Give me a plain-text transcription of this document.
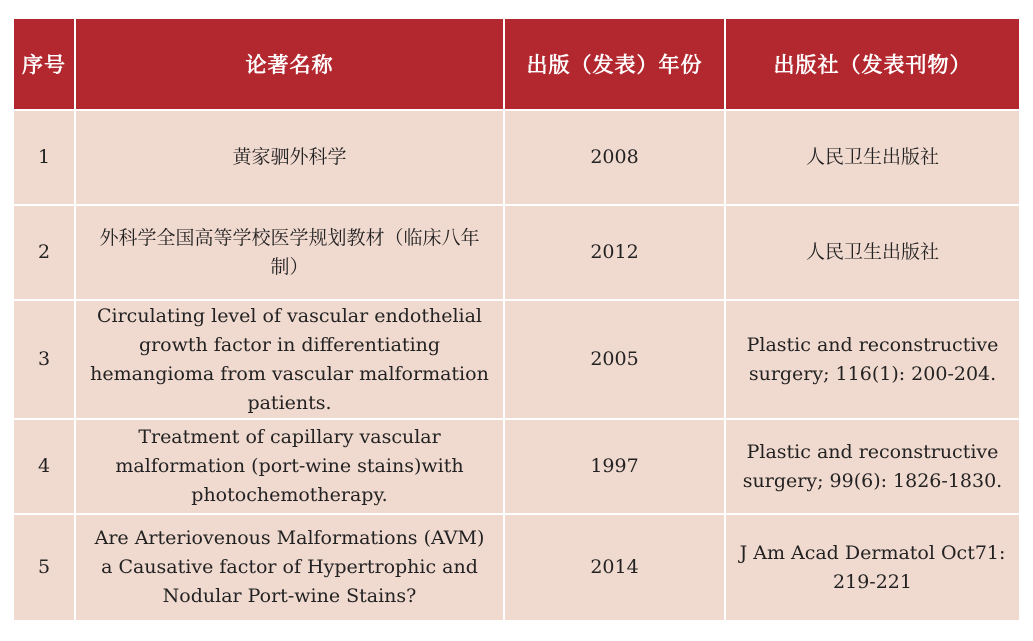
序号	论著名称	出版（发表）年份	出版社（发表刊物）
1	黄家驷外科学	2008	人民卫生出版社
2	外科学全国高等学校医学规划教材（临床八年制）	2012	人民卫生出版社
3	Circulating level of vascular endothelial growth factor in differentiating hemangioma from vascular malformation patients.	2005	Plastic and reconstructive surgery; 116(1): 200-204.
4	Treatment of capillary vascular malformation (port-wine stains)with photochemotherapy.	1997	Plastic and reconstructive surgery; 99(6): 1826-1830.
5	Are Arteriovenous Malformations (AVM) a Causative factor of Hypertrophic and Nodular Port-wine Stains?	2014	J Am Acad Dermatol Oct71: 219-221
